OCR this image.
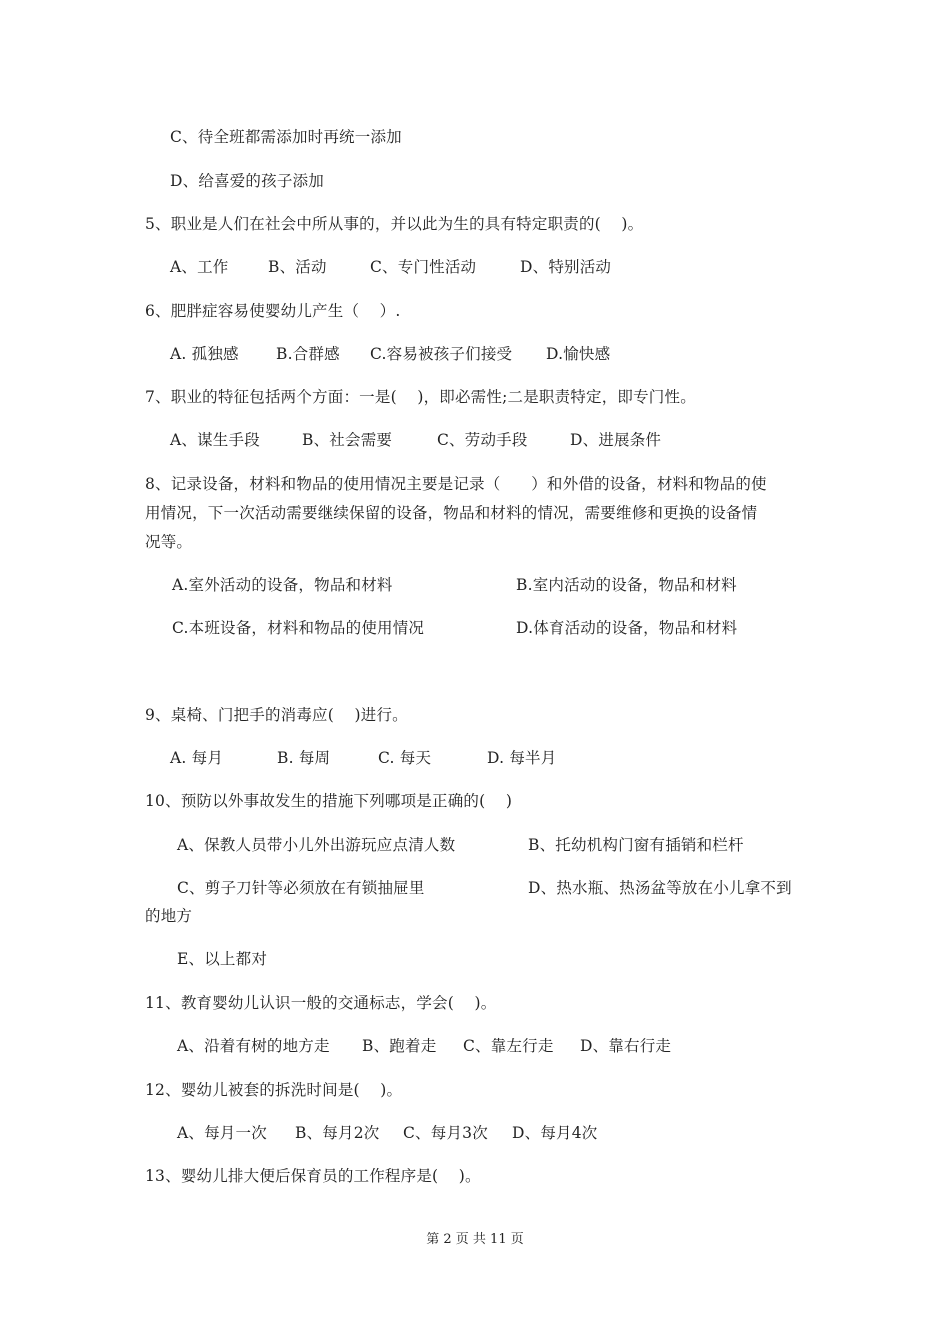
C、待全班都需添加时再统一添加
D、给喜爱的孩子添加
5、职业是人们在社会中所从事的，并以此为生的具有特定职责的(    )。
A、工作	B、活动	C、专门性活动	D、特别活动
6、肥胖症容易使婴幼儿产生（    ）.
A. 孤独感 B.合群感 C.容易被孩子们接受 D.愉快感
7、职业的特征包括两个方面：一是(    )，即必需性;二是职责特定，即专门性。
A、谋生手段	B、社会需要	C、劳动手段	D、进展条件
8、记录设备，材料和物品的使用情况主要是记录（      ）和外借的设备，材料和物品的使
用情况，下一次活动需要继续保留的设备，物品和材料的情况，需要维修和更换的设备情
况等。
A.室外活动的设备，物品和材料	B.室内活动的设备，物品和材料
C.本班设备，材料和物品的使用情况	D.体育活动的设备，物品和材料
9、桌椅、门把手的消毒应(    )进行。
A. 每月	B. 每周	C. 每天	D. 每半月
10、预防以外事故发生的措施下列哪项是正确的(    )
A、保教人员带小儿外出游玩应点清人数	B、托幼机构门窗有插销和栏杆
C、剪子刀针等必须放在有锁抽屉里	D、热水瓶、热汤盆等放在小儿拿不到
的地方
E、以上都对
11、教育婴幼儿认识一般的交通标志，学会(    )。
A、沿着有树的地方走 B、跑着走 C、靠左行走 D、靠右行走
12、婴幼儿被套的拆洗时间是(    )。
A、每月一次 B、每月2次 C、每月3次 D、每月4次
13、婴幼儿排大便后保育员的工作程序是(    )。
第 2 页 共 11 页
